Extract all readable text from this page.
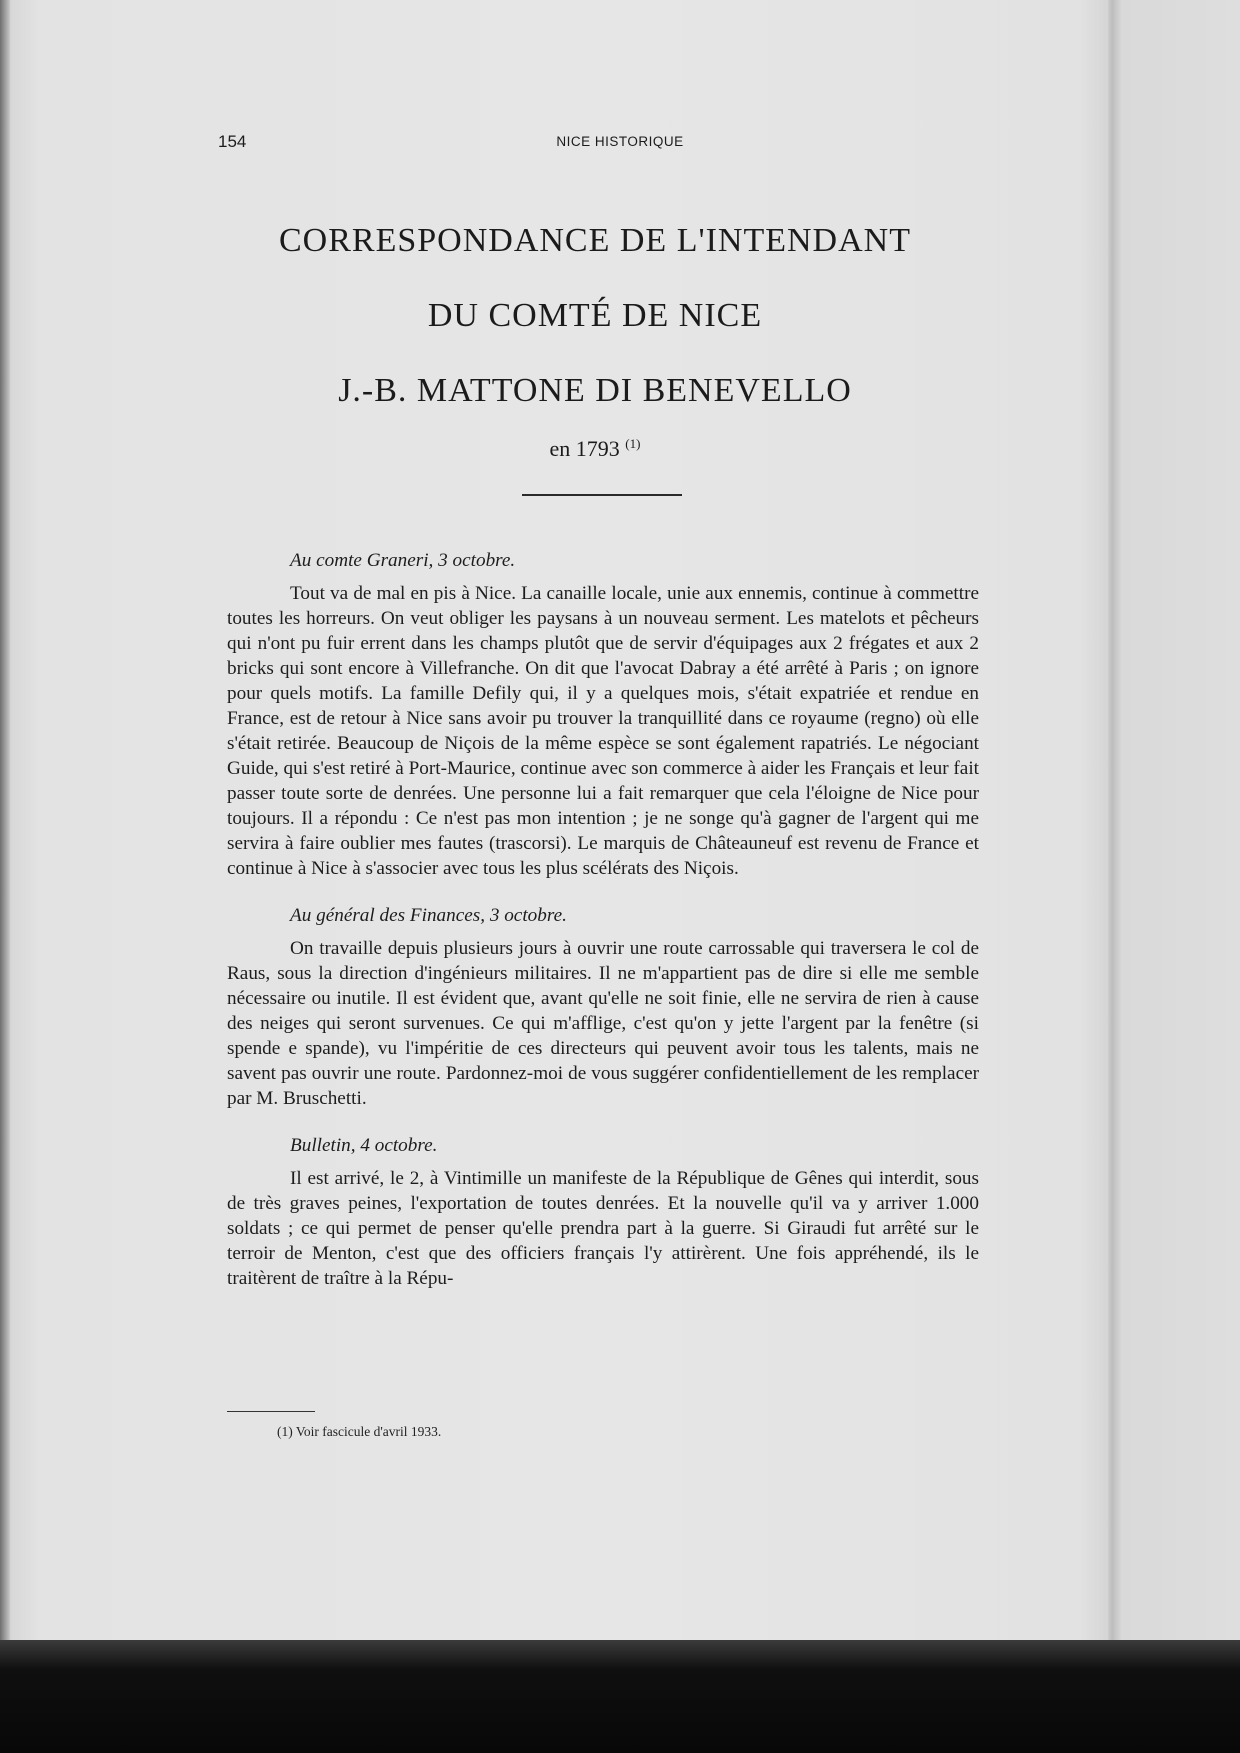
154	NICE HISTORIQUE
CORRESPONDANCE DE L'INTENDANT
DU COMTÉ DE NICE
J.-B. MATTONE DI BENEVELLO
en 1793 $^{(1)}$
Au comte Graneri, 3 octobre.

Tout va de mal en pis à Nice. La canaille locale, unie aux ennemis, continue à commettre toutes les horreurs. On veut obliger les paysans à un nouveau serment. Les matelots et pêcheurs qui n'ont pu fuir errent dans les champs plutôt que de servir d'équipages aux 2 frégates et aux 2 bricks qui sont encore à Villefranche. On dit que l'avocat Dabray a été arrêté à Paris ; on ignore pour quels motifs. La famille Defily qui, il y a quelques mois, s'était expatriée et rendue en France, est de retour à Nice sans avoir pu trouver la tranquillité dans ce royaume (regno) où elle s'était retirée. Beaucoup de Niçois de la même espèce se sont également rapatriés. Le négociant Guide, qui s'est retiré à Port-Maurice, continue avec son commerce à aider les Français et leur fait passer toute sorte de denrées. Une personne lui a fait remarquer que cela l'éloigne de Nice pour toujours. Il a répondu : Ce n'est pas mon intention ; je ne songe qu'à gagner de l'argent qui me servira à faire oublier mes fautes (trascorsi). Le marquis de Châteauneuf est revenu de France et continue à Nice à s'associer avec tous les plus scélérats des Niçois.

Au général des Finances, 3 octobre.

On travaille depuis plusieurs jours à ouvrir une route carrossable qui traversera le col de Raus, sous la direction d'ingénieurs militaires. Il ne m'appartient pas de dire si elle me semble nécessaire ou inutile. Il est évident que, avant qu'elle ne soit finie, elle ne servira de rien à cause des neiges qui seront survenues. Ce qui m'afflige, c'est qu'on y jette l'argent par la fenêtre (si spende e spande), vu l'impéritie de ces directeurs qui peuvent avoir tous les talents, mais ne savent pas ouvrir une route. Pardonnez-moi de vous suggérer confidentiellement de les remplacer par M. Bruschetti.

Bulletin, 4 octobre.

Il est arrivé, le 2, à Vintimille un manifeste de la République de Gênes qui interdit, sous de très graves peines, l'exportation de toutes denrées. Et la nouvelle qu'il va y arriver 1.000 soldats ; ce qui permet de penser qu'elle prendra part à la guerre. Si Giraudi fut arrêté sur le terroir de Menton, c'est que des officiers français l'y attirèrent. Une fois appréhendé, ils le traitèrent de traître à la Répu-

(1) Voir fascicule d'avril 1933.
